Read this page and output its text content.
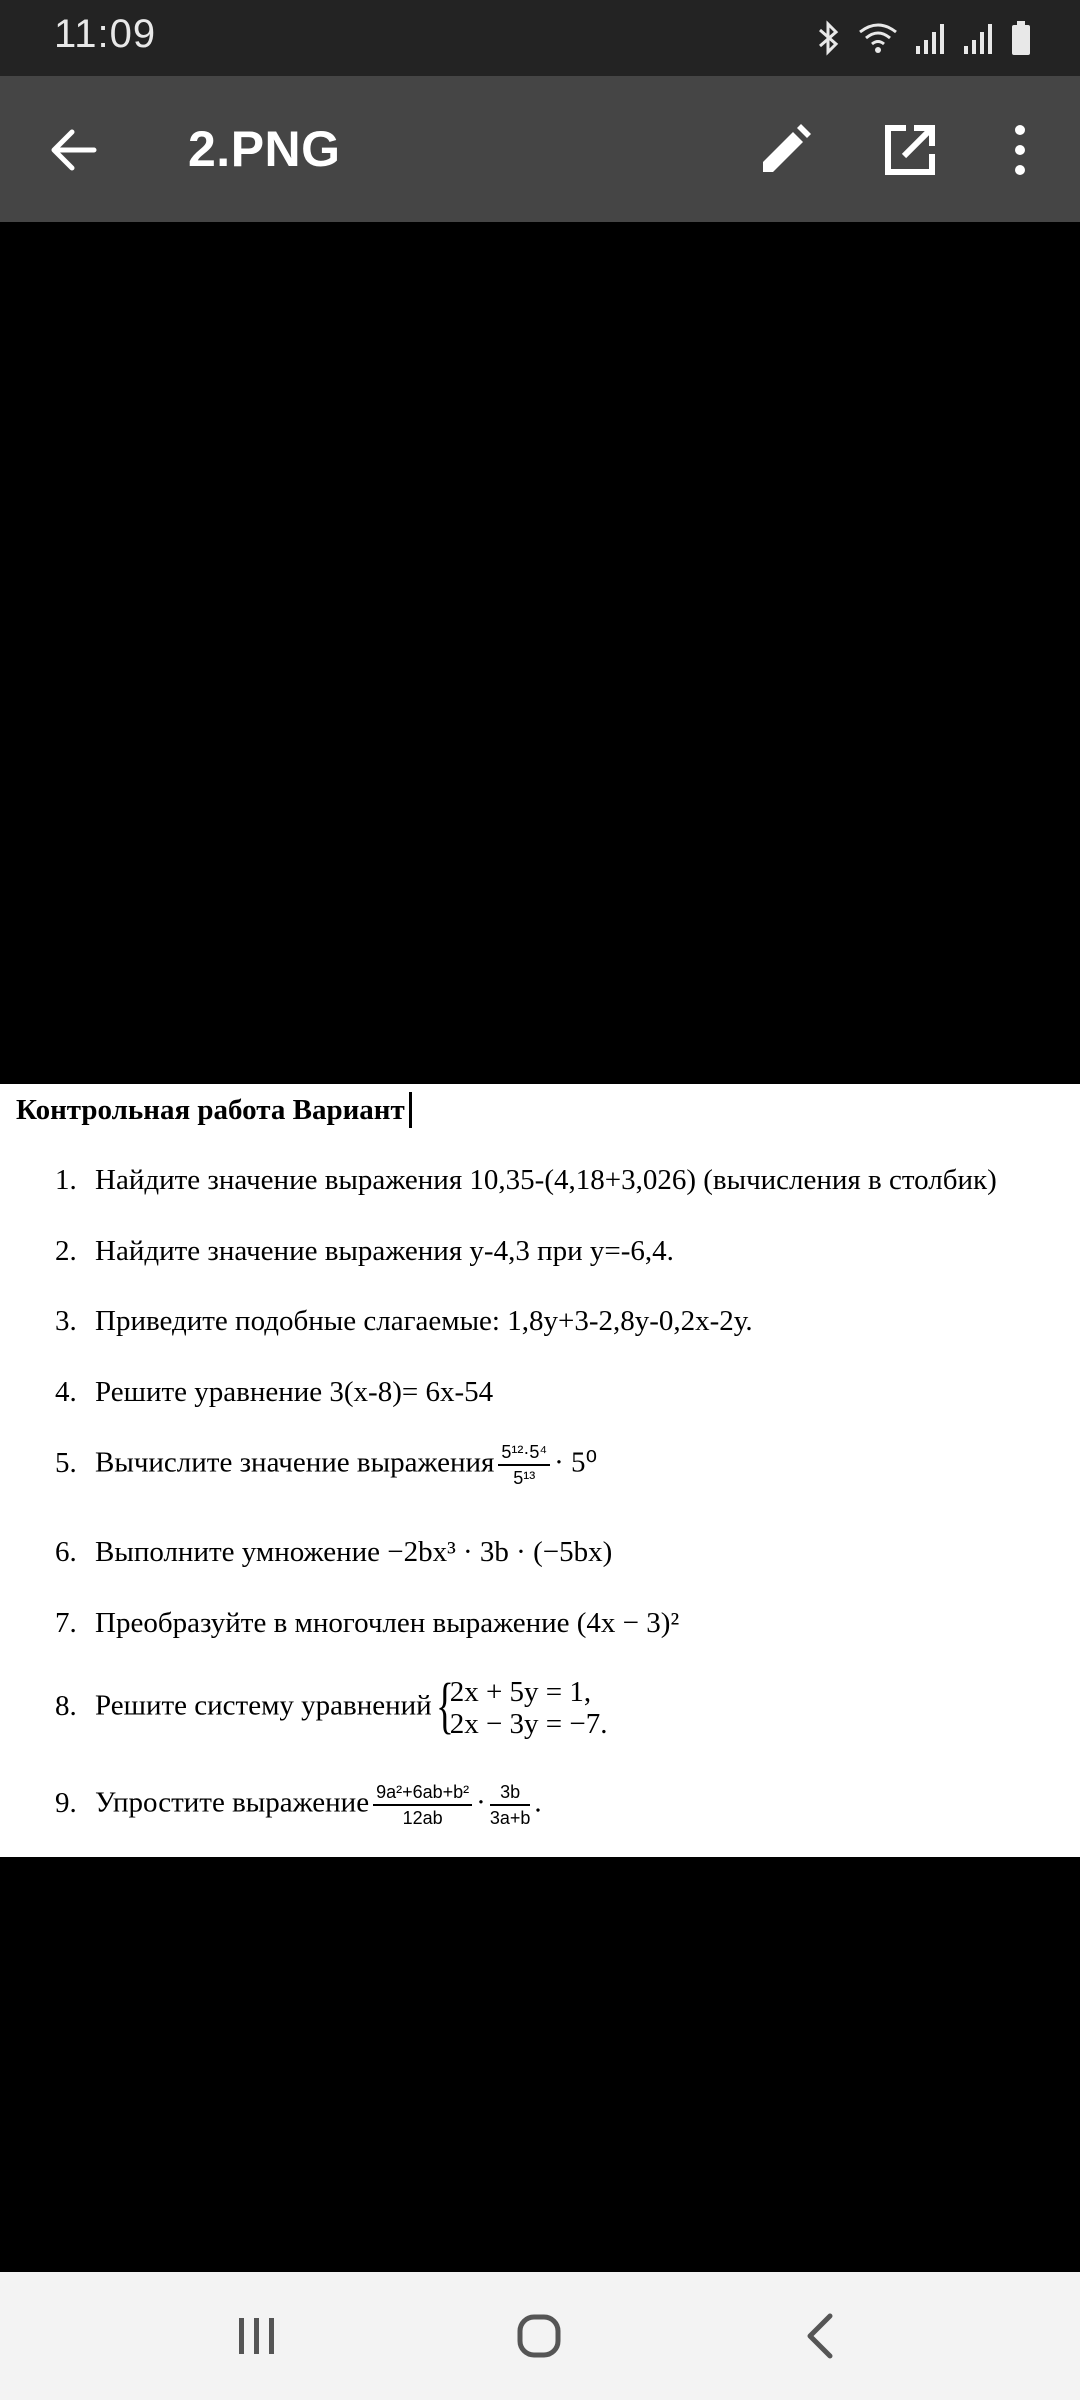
11:09
2.PNG
Контрольная работа Вариант
1. Найдите значение выражения 10,35-(4,18+3,026) (вычисления в столбик)
2. Найдите значение выражения у-4,3 при у=-6,4.
3. Приведите подобные слагаемые: 1,8у+3-2,8у-0,2х-2у.
4. Решите уравнение 3(х-8)= 6х-54
5. Вычислите значение выражения $\frac{\text{5¹²·5⁴}}{\text{5¹³}} \cdot 5^0$
6. Выполните умножение −2bx³ · 3b · (−5bx)
7. Преобразуйте в многочлен выражение (4x − 3)²
8. Решите систему уравнений {
2x + 5y = 1,
2x − 3y = −7.
9. Упростите выражение $\frac{\text{9a²+6ab+b²}}{12ab} \cdot \frac{3b}{3a+b}$ .
